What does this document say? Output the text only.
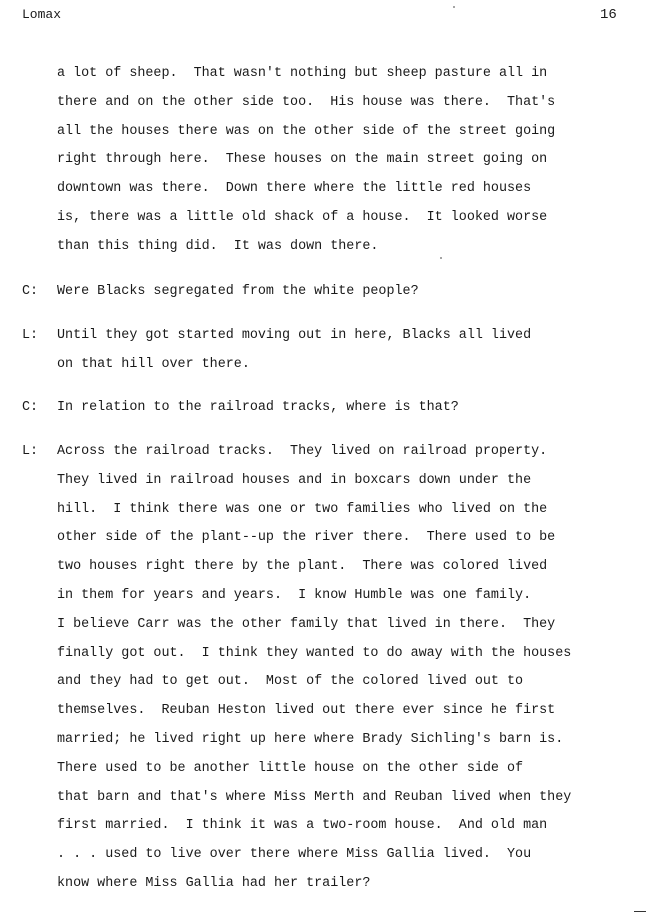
Lomax	16
a lot of sheep.  That wasn't nothing but sheep pasture all in
there and on the other side too.  His house was there.  That's
all the houses there was on the other side of the street going
right through here.  These houses on the main street going on
downtown was there.  Down there where the little red houses
is, there was a little old shack of a house.  It looked worse
than this thing did.  It was down there.
C: Were Blacks segregated from the white people?
L: Until they got started moving out in here, Blacks all lived
on that hill over there.
C: In relation to the railroad tracks, where is that?
L: Across the railroad tracks.  They lived on railroad property.
They lived in railroad houses and in boxcars down under the
hill.  I think there was one or two families who lived on the
other side of the plant--up the river there.  There used to be
two houses right there by the plant.  There was colored lived
in them for years and years.  I know Humble was one family.
I believe Carr was the other family that lived in there.  They
finally got out.  I think they wanted to do away with the houses
and they had to get out.  Most of the colored lived out to
themselves.  Reuban Heston lived out there ever since he first
married; he lived right up here where Brady Sichling's barn is.
There used to be another little house on the other side of
that barn and that's where Miss Merth and Reuban lived when they
first married.  I think it was a two-room house.  And old man
. . . used to live over there where Miss Gallia lived.  You
know where Miss Gallia had her trailer?
